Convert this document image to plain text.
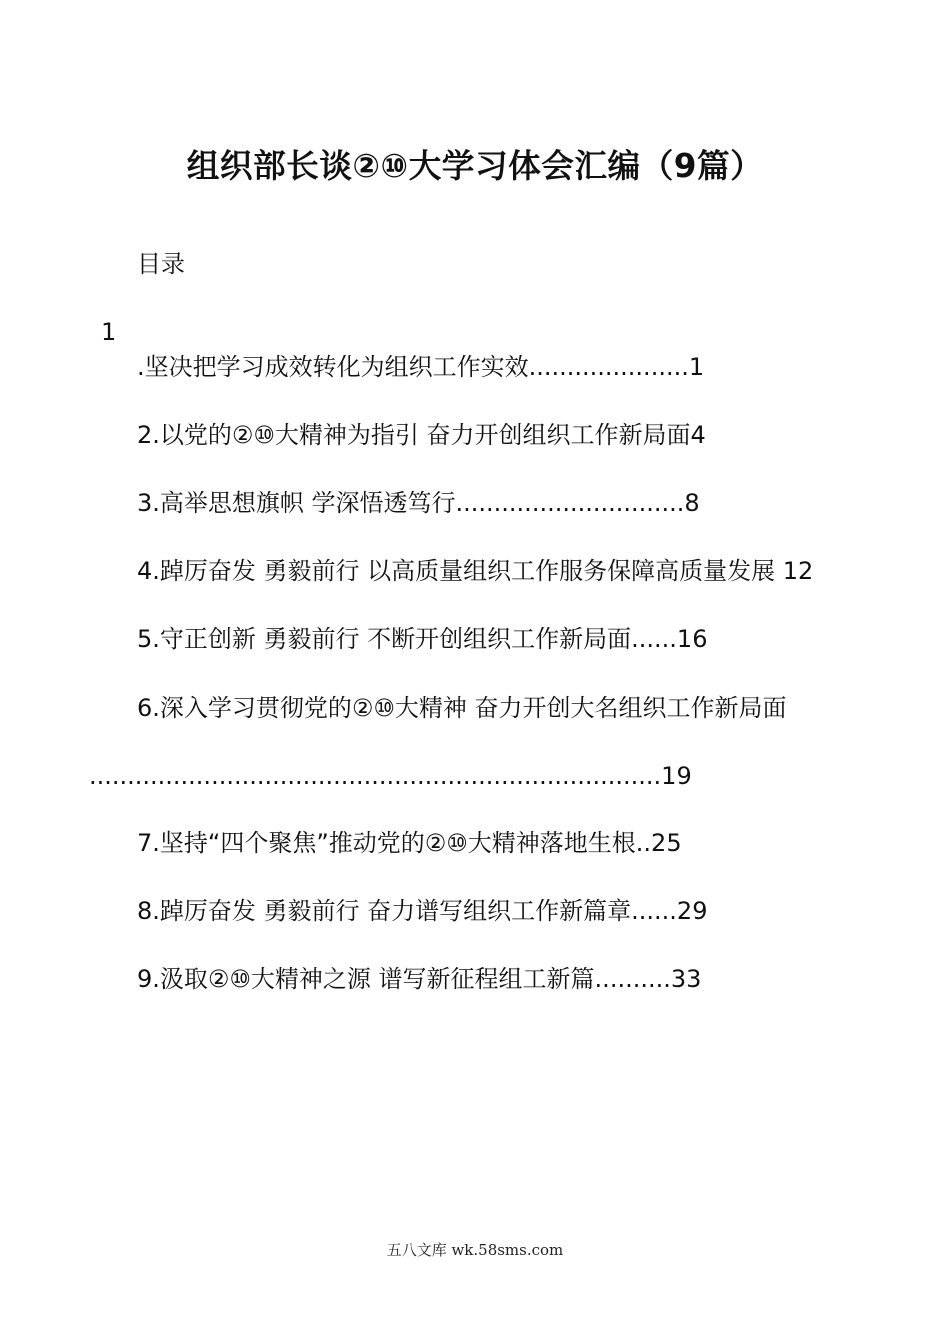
组织部长谈②⑩大学习体会汇编（9篇）
目录
1
.坚决把学习成效转化为组织工作实效.....................1
2.以党的②⑩大精神为指引 奋力开创组织工作新局面4
3.高举思想旗帜 学深悟透笃行..............................8
4.踔厉奋发 勇毅前行 以高质量组织工作服务保障高质量发展 12
5.守正创新 勇毅前行 不断开创组织工作新局面......16
6.深入学习贯彻党的②⑩大精神 奋力开创大名组织工作新局面
...........................................................................19
7.坚持“四个聚焦”推动党的②⑩大精神落地生根..25
8.踔厉奋发 勇毅前行 奋力谱写组织工作新篇章......29
9.汲取②⑩大精神之源 谱写新征程组工新篇..........33
五八文库 wk.58sms.com
